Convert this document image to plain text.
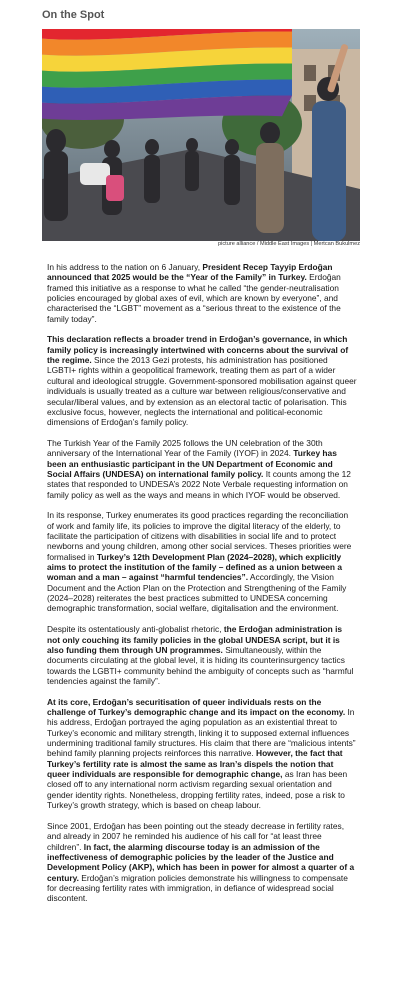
On the Spot
picture alliance / Middle East Images | Mertcan Bukulmez

In his address to the nation on 6 January, President Recep Tayyip Erdoğan announced that 2025 would be the “Year of the Family” in Turkey. Erdoğan framed this initiative as a response to what he called “the gender-neutralisation policies encouraged by global axes of evil, which are known by everyone”, and characterised the “LGBT” movement as a “serious threat to the existence of the family today”.

This declaration reflects a broader trend in Erdoğan’s governance, in which family policy is increasingly intertwined with concerns about the survival of the regime. Since the 2013 Gezi protests, his administration has positioned LGBTI+ rights within a geopolitical framework, treating them as part of a wider cultural and ideological struggle. Government-sponsored mobilisation against queer individuals is usually treated as a culture war between religious/conservative and secular/liberal values, and by extension as an electoral tactic of polarisation. This exclusive focus, however, neglects the international and political-economic dimensions of Erdoğan’s family policy.

The Turkish Year of the Family 2025 follows the UN celebration of the 30th anniversary of the International Year of the Family (IYOF) in 2024. Turkey has been an enthusiastic participant in the UN Department of Economic and Social Affairs (UNDESA) on international family policy. It counts among the 12 states that responded to UNDESA’s 2022 Note Verbale requesting information on family policy as well as the ways and means in which IYOF would be observed.

In its response, Turkey enumerates its good practices regarding the reconciliation of work and family life, its policies to improve the digital literacy of the elderly, to facilitate the participation of citizens with disabilities in social life and to protect newborns and young children, among other social services. Theses priorities were formalised in Turkey’s 12th Development Plan (2024–2028), which explicitly aims to protect the institution of the family – defined as a union between a woman and a man – against “harmful tendencies”. Accordingly, the Vision Document and the Action Plan on the Protection and Strengthening of the Family (2024–2028) reiterates the best practices submitted to UNDESA concerning demographic transformation, social welfare, digitalisation and the environment.

Despite its ostentatiously anti-globalist rhetoric, the Erdoğan administration is not only couching its family policies in the global UNDESA script, but it is also funding them through UN programmes. Simultaneously, within the documents circulating at the global level, it is hiding its counterinsurgency tactics towards the LGBTI+ community behind the ambiguity of concepts such as “harmful tendencies against the family”.

At its core, Erdoğan’s securitisation of queer individuals rests on the challenge of Turkey’s demographic change and its impact on the economy. In his address, Erdoğan portrayed the aging population as an existential threat to Turkey’s economic and military strength, linking it to supposed external influences undermining traditional family structures. His claim that there are “malicious intents” behind family planning projects reinforces this narrative. However, the fact that Turkey’s fertility rate is almost the same as Iran’s dispels the notion that queer individuals are responsible for demographic change, as Iran has been closed off to any international norm activism regarding sexual orientation and gender identity rights. Nonetheless, dropping fertility rates, indeed, pose a risk to Turkey’s growth strategy, which is based on cheap labour.

Since 2001, Erdoğan has been pointing out the steady decrease in fertility rates, and already in 2007 he reminded his audience of his call for “at least three children”. In fact, the alarming discourse today is an admission of the ineffectiveness of demographic policies by the leader of the Justice and Development Policy (AKP), which has been in power for almost a quarter of a century. Erdoğan’s migration policies demonstrate his willingness to compensate for decreasing fertility rates with immigration, in defiance of widespread social discontent.
